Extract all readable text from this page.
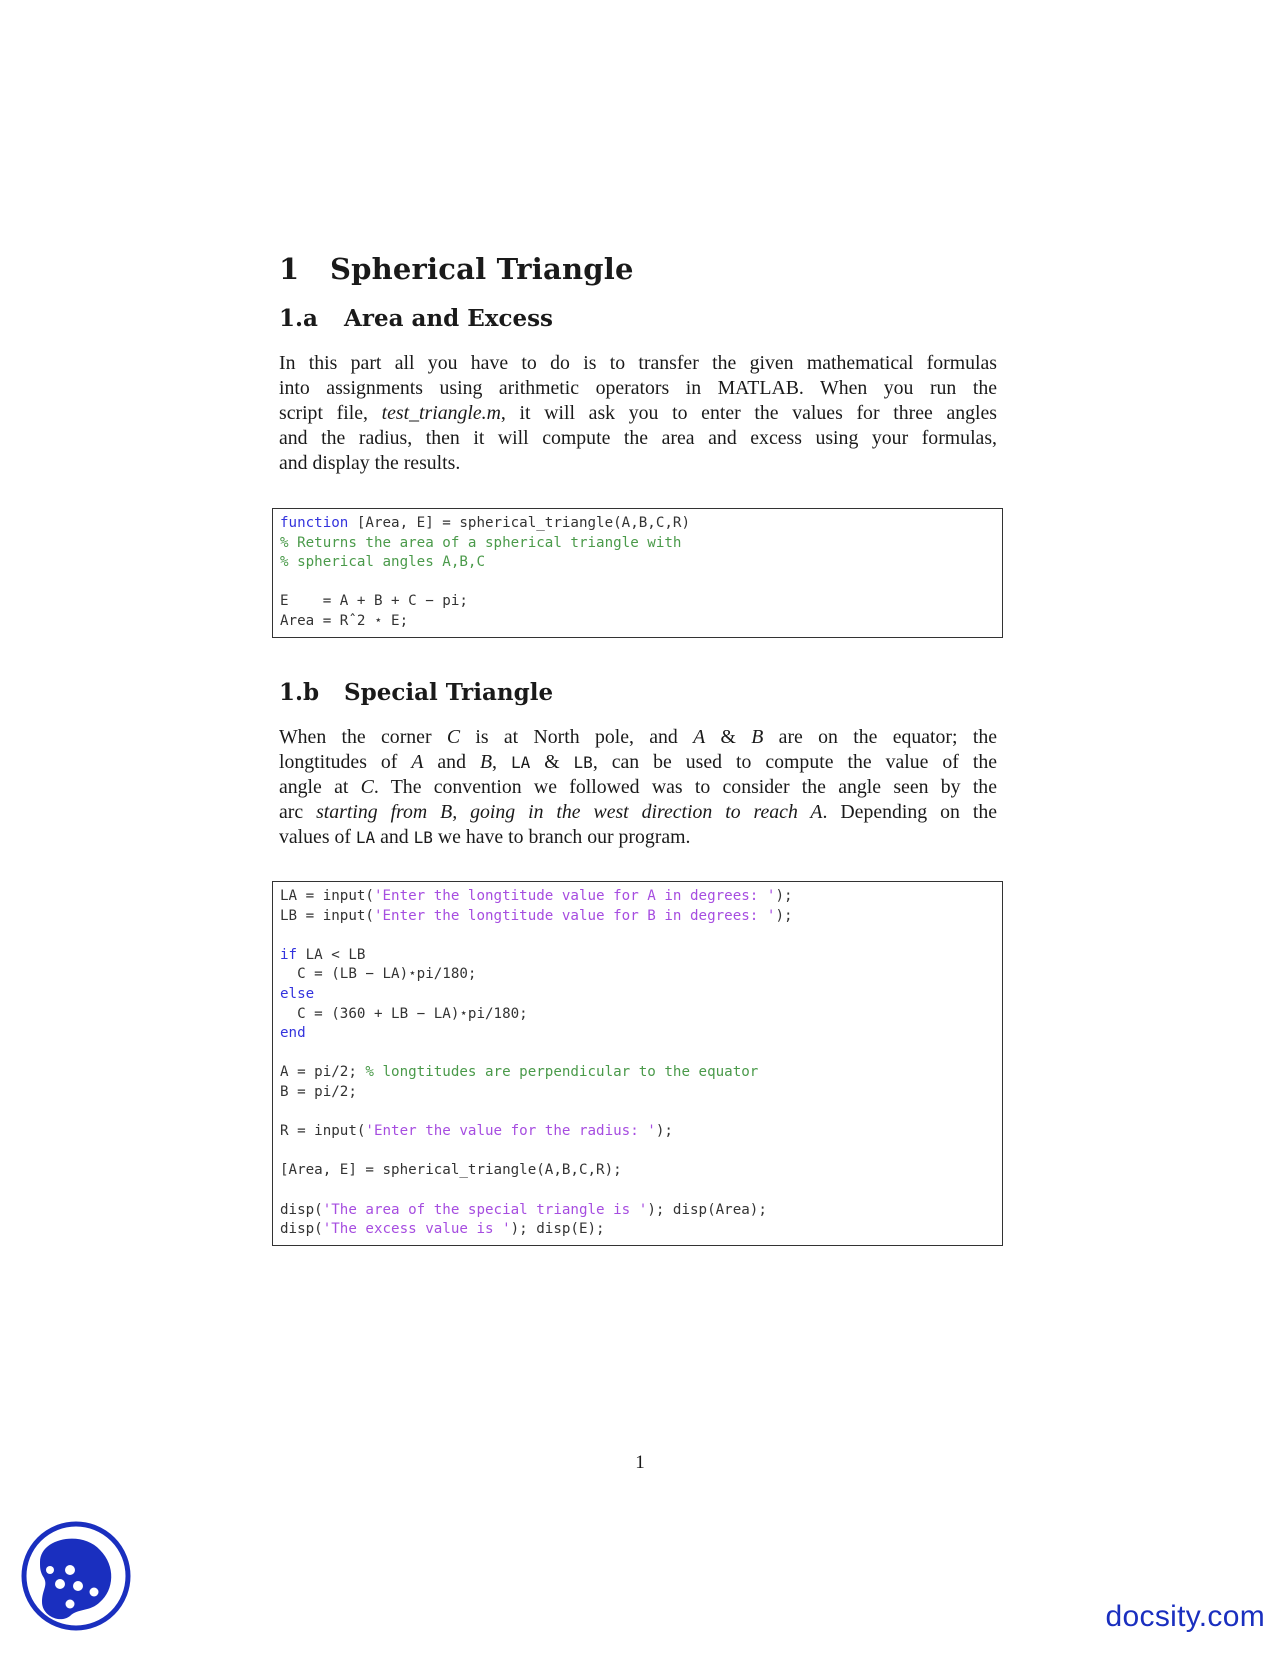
1 Spherical Triangle
1.a Area and Excess
In this part all you have to do is to transfer the given mathematical formulas
into assignments using arithmetic operators in MATLAB. When you run the
script file, test_triangle.m, it will ask you to enter the values for three angles
and the radius, then it will compute the area and excess using your formulas,
and display the results.
function [Area, E] = spherical_triangle(A,B,C,R)
% Returns the area of a spherical triangle with
% spherical angles A,B,C
E    = A + B + C − pi;
Area = Rˆ2 ⋆ E;
1.b Special Triangle
When the corner C is at North pole, and A & B are on the equator; the
longtitudes of A and B, LA & LB, can be used to compute the value of the
angle at C. The convention we followed was to consider the angle seen by the
arc starting from B, going in the west direction to reach A. Depending on the
values of LA and LB we have to branch our program.
LA = input('Enter the longtitude value for A in degrees: ');
LB = input('Enter the longtitude value for B in degrees: ');
if LA < LB
C = (LB − LA)⋆pi/180;
else
C = (360 + LB − LA)⋆pi/180;
end
A = pi/2; % longtitudes are perpendicular to the equator
B = pi/2;
R = input('Enter the value for the radius: ');
[Area, E] = spherical_triangle(A,B,C,R);
disp('The area of the special triangle is '); disp(Area);
disp('The excess value is '); disp(E);
1
docsity.com
